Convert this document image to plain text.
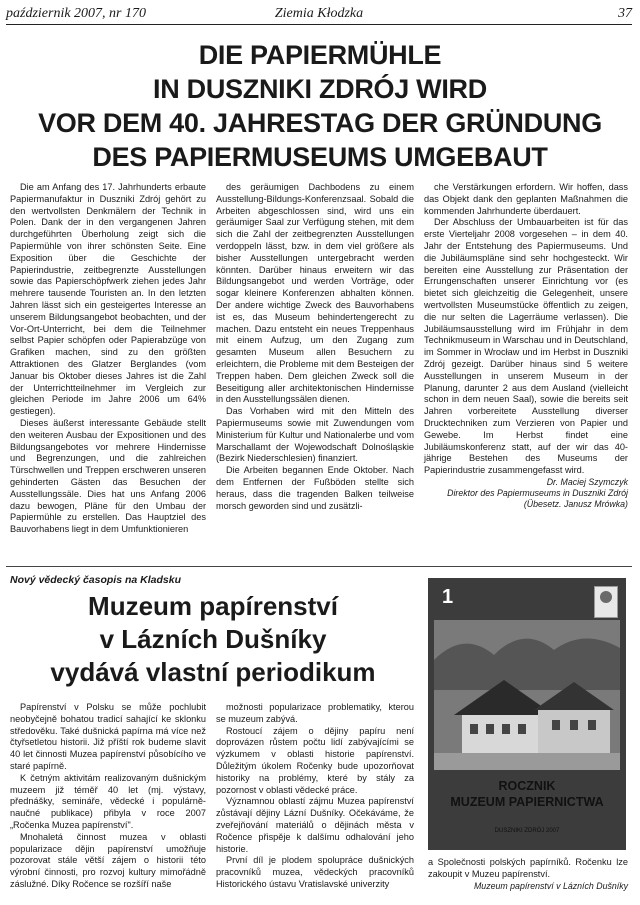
październik 2007, nr 170	Ziemia Kłodzka	37
DIE PAPIERMÜHLE
IN DUSZNIKI ZDRÓJ WIRD
VOR DEM 40. JAHRESTAG DER GRÜNDUNG
DES PAPIERMUSEUMS UMGEBAUT

Die am Anfang des 17. Jahrhunderts erbaute Papiermanufaktur in Duszniki Zdrój gehört zu den wertvollsten Denkmälern der Technik in Polen. Dank der in den vergangenen Jahren durchgeführten Überholung zeigt sich die Papiermühle von ihrer schönsten Seite. Eine Exposition über die Geschichte der Papierindustrie, zeitbegrenzte Ausstellungen sowie das Papierschöpfwerk ziehen jedes Jahr mehrere tausende Touristen an. In den letzten Jahren lässt sich ein gesteigertes Interesse an unserem Bildungsangebot beobachten, und der Vor-Ort-Unterricht, bei dem die Teilnehmer selbst Papier schöpfen oder Papierabzüge von Grafiken machen, sind zu den größten Attraktionen des Glatzer Berglandes (vom Januar bis Oktober dieses Jahres ist die Zahl der Unterrichtteilnehmer im Vergleich zur gleichen Periode im Jahre 2006 um 64% gestiegen).

Dieses äußerst interessante Gebäude stellt den weiteren Ausbau der Expositionen und des Bildungsangebotes vor mehrere Hindernisse und Begrenzungen, und die zahlreichen Türschwellen und Treppen erschweren unseren gehinderten Gästen das Besuchen der Ausstellungssäle. Dies hat uns Anfang 2006 dazu bewogen, Pläne für den Umbau der Papiermühle zu erstellen. Das Hauptziel des Bauvorhabens liegt in dem Umfunktionieren

des geräumigen Dachbodens zu einem Ausstellung-Bildungs-Konferenzsaal. Sobald die Arbeiten abgeschlossen sind, wird uns ein geräumiger Saal zur Verfügung stehen, mit dem sich die Zahl der zeitbegrenzten Ausstellungen verdoppeln lässt, bzw. in dem viel größere als bisher Ausstellungen untergebracht werden könnten. Darüber hinaus erweitern wir das Bildungsangebot und werden Vorträge, oder sogar kleinere Konferenzen abhalten können. Der andere wichtige Zweck des Bauvorhabens ist es, das Museum behindertengerecht zu machen. Dazu entsteht ein neues Treppenhaus mit einem Aufzug, um den Zugang zum gesamten Museum allen Besuchern zu erleichtern, die Probleme mit dem Besteigen der Treppen haben. Dem gleichen Zweck soll die Beseitigung aller architektonischen Hindernisse in den Ausstellungssälen dienen.

Das Vorhaben wird mit den Mitteln des Papiermuseums sowie mit Zuwendungen vom Ministerium für Kultur und Nationalerbe und vom Marschallamt der Wojewodschaft Dolnośląskie (Bezirk Niederschlesien) finanziert.

Die Arbeiten begannen Ende Oktober. Nach dem Entfernen der Fußböden stellte sich heraus, dass die tragenden Balken teilweise morsch geworden sind und zusätzli-

che Verstärkungen erfordern. Wir hoffen, dass das Objekt dank den geplanten Maßnahmen die kommenden Jahrhunderte überdauert.

Der Abschluss der Umbauarbeiten ist für das erste Vierteljahr 2008 vorgesehen – in dem 40. Jahr der Entstehung des Papiermuseums. Und die Jubiläumspläne sind sehr hochgesteckt. Wir bereiten eine Ausstellung zur Präsentation der Errungenschaften unserer Einrichtung vor (es bietet sich gleichzeitig die Gelegenheit, unsere wertvollsten Museumstücke öffentlich zu zeigen, die nur selten die Lagerräume verlassen). Die Jubiläumsausstellung wird im Frühjahr in dem Technikmuseum in Warschau und in Deutschland, im Sommer in Wrocław und im Herbst in Duszniki Zdrój gezeigt. Darüber hinaus sind 5 weitere Ausstellungen in unserem Museum in der Planung, darunter 2 aus dem Ausland (vielleicht schon in dem neuen Saal), sowie die bereits seit Jahren vorbereitete Ausstellung diverser Drucktechniken zum Verzieren von Papier und Gewebe. Im Herbst findet eine Jubiläumskonferenz statt, auf der wir das 40-jährige Bestehen des Museums der Papierindustrie zusammengefasst wird.

Dr. Maciej Szymczyk
Direktor des Papiermuseums in Duszniki Zdrój
(Übesetz. Janusz Mrówka)
Nový vědecký časopis na Kladsku
Muzeum papírenství
v Lázních Dušníky
vydává vlastní periodikum

Papírenství v Polsku se může pochlubit neobyčejně bohatou tradicí sahající ke sklonku středověku. Také dušnická papírna má více než čtyřsetletou historii. Již příští rok budeme slavit 40 let činnosti Muzea papírenství působícího ve staré papírně.

K četným aktivitám realizovaným dušnickým muzeem již téměř 40 let (mj. výstavy, přednášky, semináře, vědecké i populárně-naučné publikace) přibyla v roce 2007 „Ročenka Muzea papírenství".

Mnohaletá činnost muzea v oblasti popularizace dějin papírenství umožňuje pozorovat stále větší zájem o historii této výrobní činnosti, pro rozvoj kultury mimořádně záslužné. Díky Ročence se rozšíří naše

možnosti popularizace problematiky, kterou se muzeum zabývá.

Rostoucí zájem o dějiny papíru není doprovázen růstem počtu lidí zabývajícími se výzkumem v oblasti historie papírenství. Důležitým úkolem Ročenky bude upozorňovat historiky na problémy, které by stály za pozornost v oblasti vědecké práce.

Významnou oblastí zájmu Muzea papírenství zůstávají dějiny Lázní Dušníky. Očekáváme, že zveřejňování materiálů o dějinách města v Ročence přispěje k dalšímu odhalování jeho historie.

První díl je plodem spolupráce dušnických pracovníků muzea, vědeckých pracovníků Historického ústavu Vratislavské univerzity

1
ROCZNIK
MUZEUM PAPIERNICTWA
DUSZNIKI ZDRÓJ 2007

a Společnosti polských papírníků. Ročenku lze zakoupit v Muzeu papírenství.

Muzeum papírenství v Lázních Dušníky
